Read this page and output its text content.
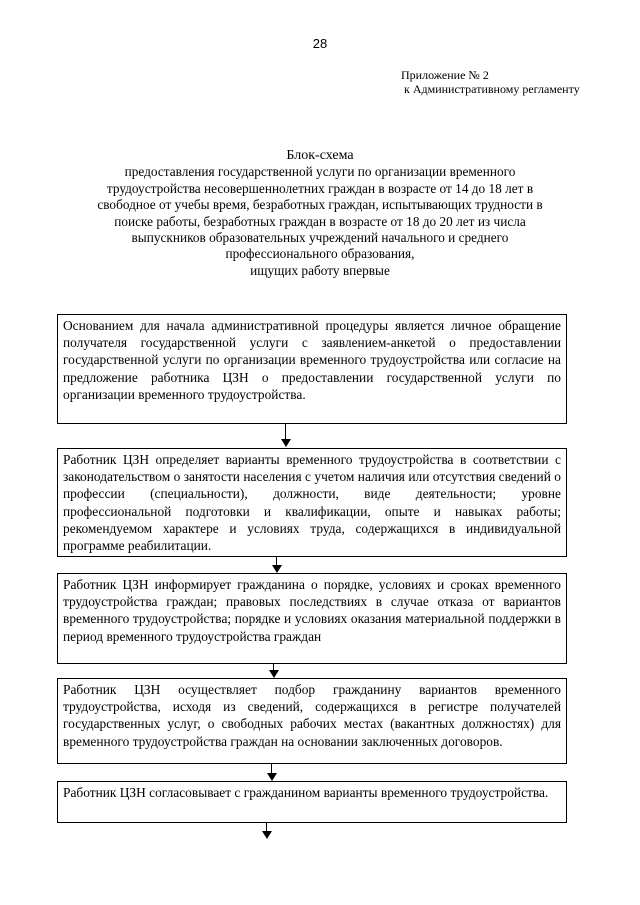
28
Приложение № 2
к Административному регламенту
Блок-схема
предоставления государственной услуги по организации временного
трудоустройства несовершеннолетних граждан в возрасте от 14 до 18 лет в
свободное от учебы время, безработных граждан, испытывающих трудности в
поиске работы, безработных граждан в возрасте от 18 до 20 лет из числа
выпускников образовательных учреждений начального и среднего
профессионального образования,
ищущих работу впервые
Основанием для начала административной процедуры является личное обращение получателя государственной услуги с заявлением-анкетой о предоставлении государственной услуги по организации временного трудоустройства или согласие на предложение работника ЦЗН о предоставлении государственной услуги по организации временного трудоустройства.
Работник ЦЗН определяет варианты временного трудоустройства в соответствии с законодательством о занятости населения с учетом наличия или отсутствия сведений о профессии (специальности), должности, виде деятельности; уровне профессиональной подготовки и квалификации, опыте и навыках работы; рекомендуемом характере и условиях труда, содержащихся в индивидуальной программе реабилитации.
Работник ЦЗН информирует гражданина о порядке, условиях и сроках временного трудоустройства граждан; правовых последствиях в случае отказа от вариантов временного трудоустройства; порядке и условиях оказания материальной поддержки в период временного трудоустройства граждан
Работник ЦЗН осуществляет подбор гражданину вариантов временного трудоустройства, исходя из сведений, содержащихся в регистре получателей государственных услуг, о свободных рабочих местах (вакантных должностях) для временного трудоустройства граждан на основании заключенных договоров.
Работник ЦЗН согласовывает с гражданином варианты временного трудоустройства.
